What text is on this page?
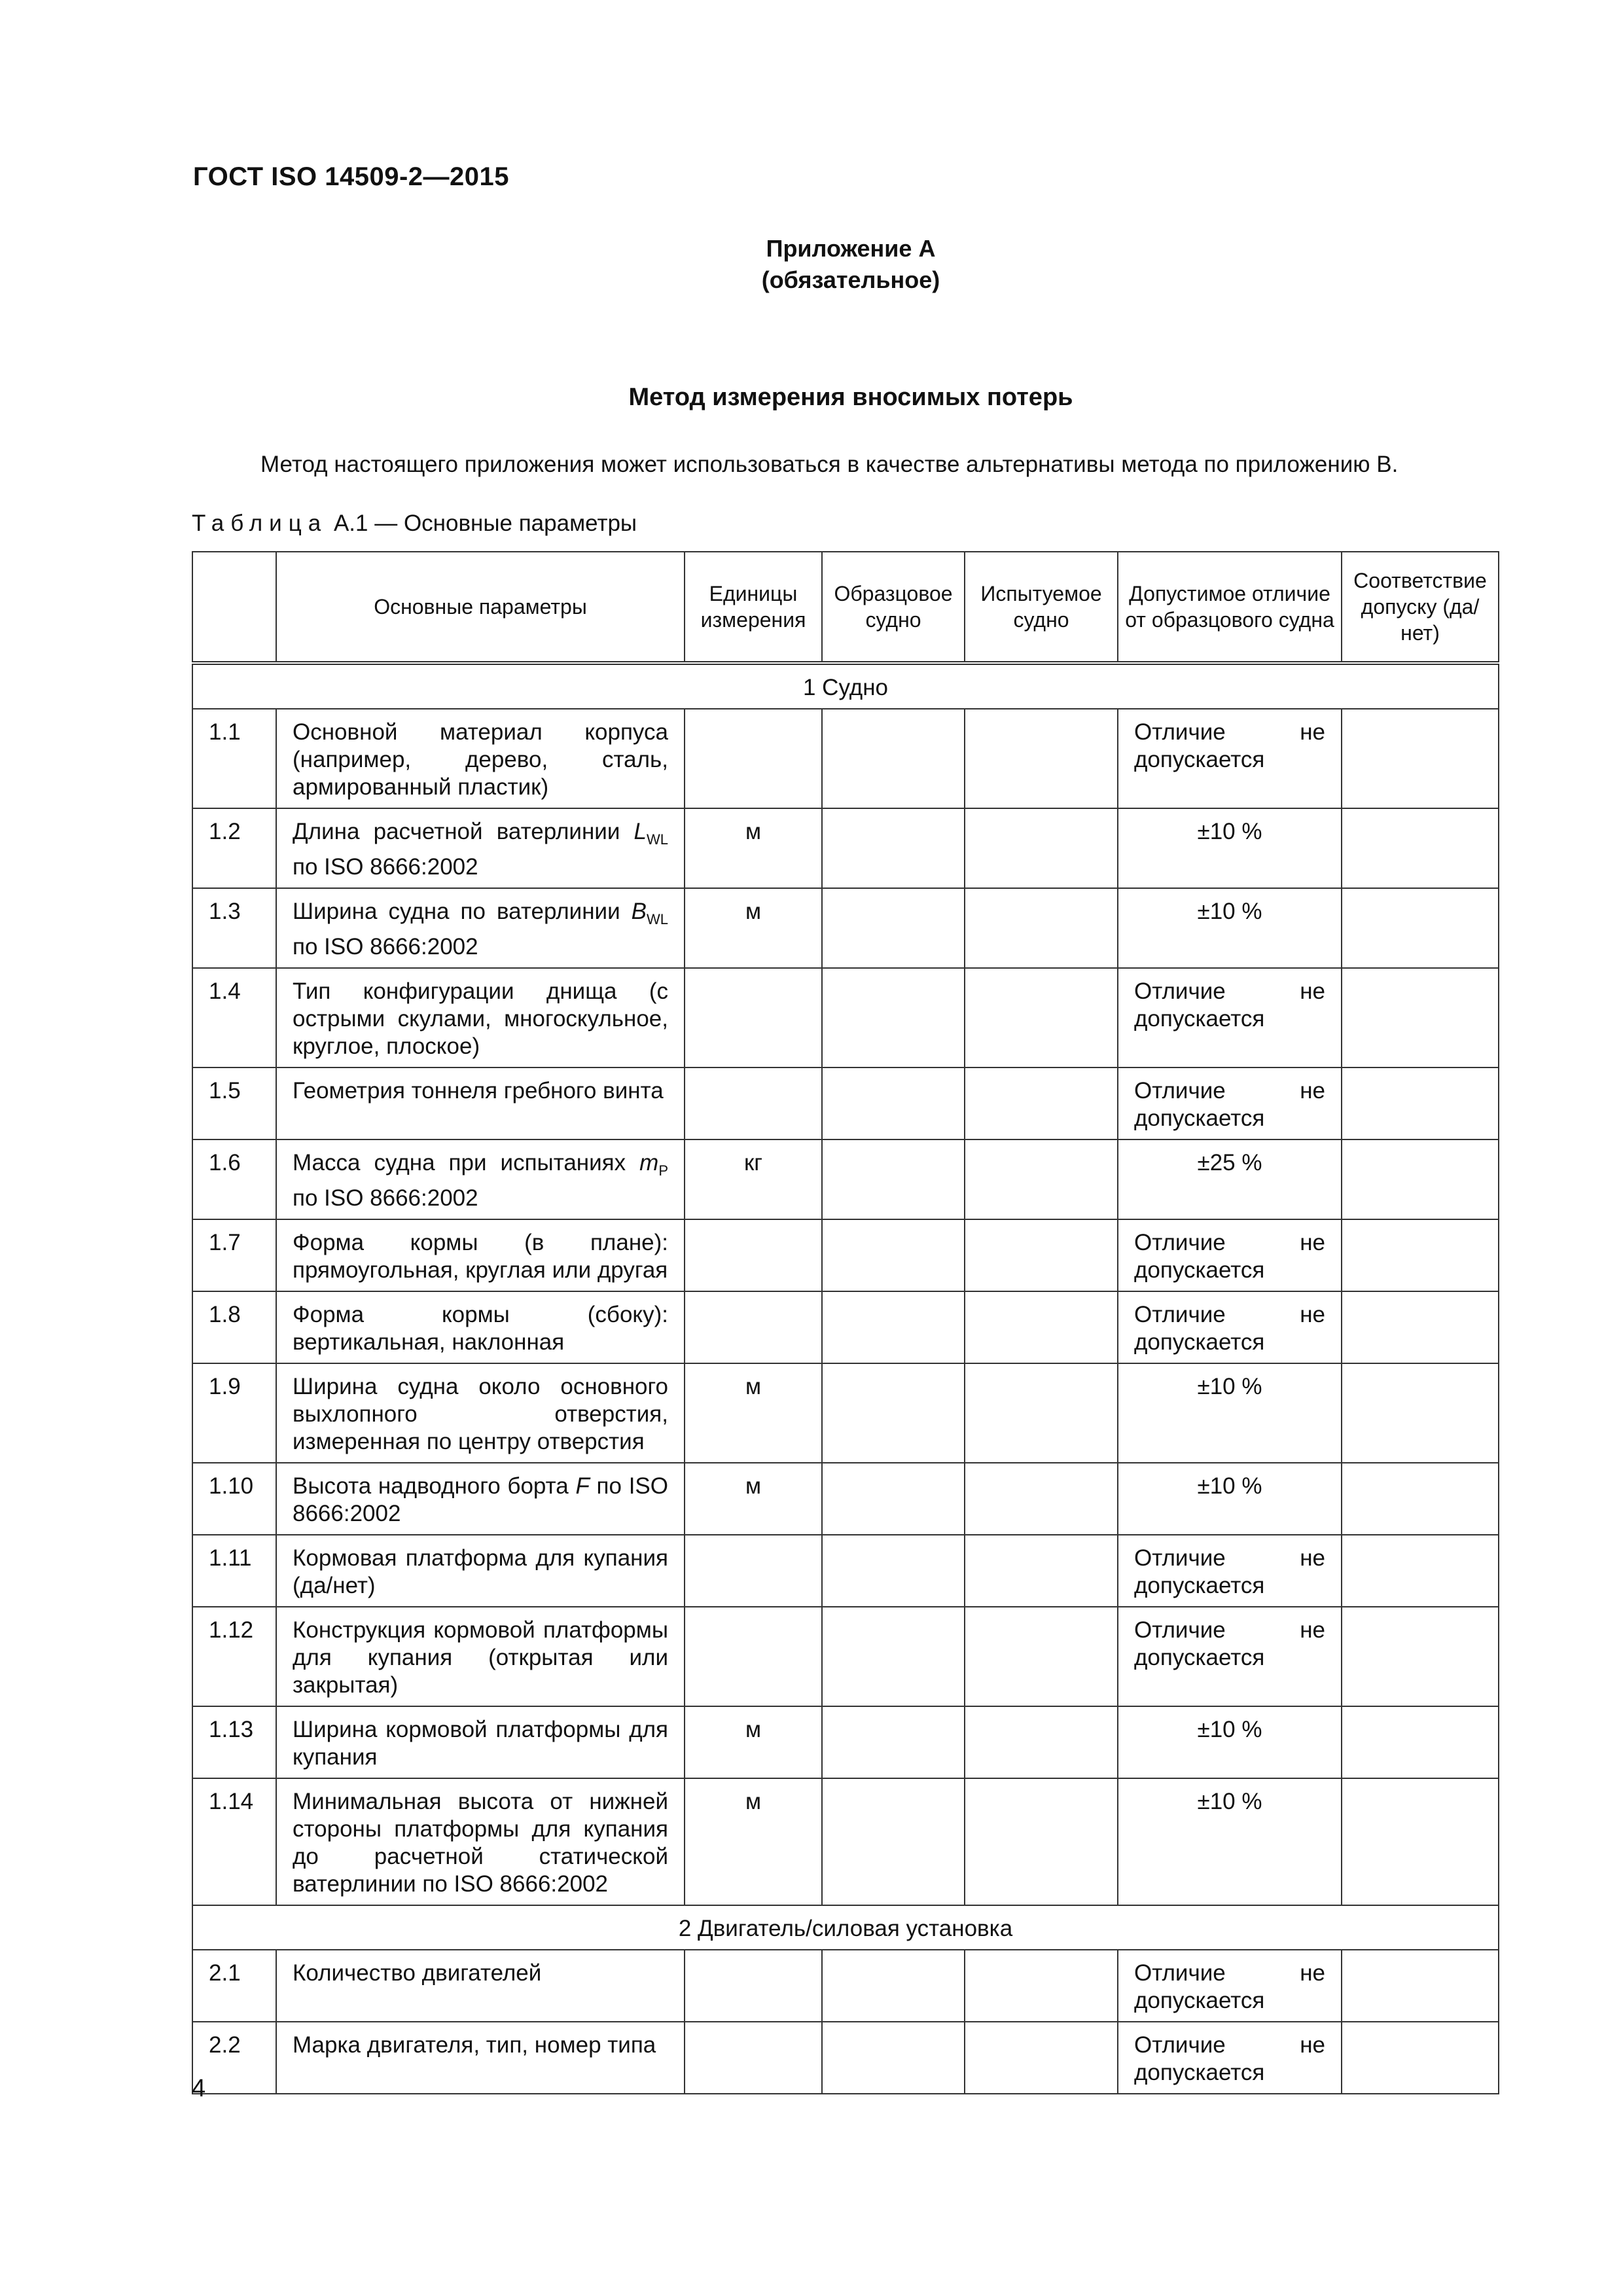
ГОСТ ISO 14509-2—2015
Приложение А
(обязательное)
Метод измерения вносимых потерь
Метод настоящего приложения может использоваться в качестве альтернативы метода по приложению В.
Таблица А.1 — Основные параметры
	Основные параметры	Единицы измерения	Образцовое судно	Испытуемое судно	Допустимое отличие от образцового судна	Соответствие допуску (да/нет)
1 Судно						
1.1	Основной материал корпуса (например, дерево, сталь, армированный пластик)				Отличие не допускается	
1.2	Длина расчетной ватерлинии $L_{WL}$ по ISO 8666:2002	м			±10 %	
1.3	Ширина судна по ватерлинии $B_{WL}$ по ISO 8666:2002	м			±10 %	
1.4	Тип конфигурации днища (с острыми скулами, многоскульное, круглое, плоское)				Отличие не допускается	
1.5	Геометрия тоннеля гребного винта				Отличие не допускается	
1.6	Масса судна при испытаниях $m_P$ по ISO 8666:2002	кг			±25 %	
1.7	Форма кормы (в плане): прямоугольная, круглая или другая				Отличие не допускается	
1.8	Форма кормы (сбоку): вертикальная, наклонная				Отличие не допускается	
1.9	Ширина судна около основного выхлопного отверстия, измеренная по центру отверстия	м			±10 %	
1.10	Высота надводного борта F по ISO 8666:2002	м			±10 %	
1.11	Кормовая платформа для купания (да/нет)				Отличие не допускается	
1.12	Конструкция кормовой платформы для купания (открытая или закрытая)				Отличие не допускается	
1.13	Ширина кормовой платформы для купания	м			±10 %	
1.14	Минимальная высота от нижней стороны платформы для купания до расчетной статической ватерлинии по ISO 8666:2002	м			±10 %	
2 Двигатель/силовая установка						
2.1	Количество двигателей				Отличие не допускается	
2.2	Марка двигателя, тип, номер типа				Отличие не допускается	
4
